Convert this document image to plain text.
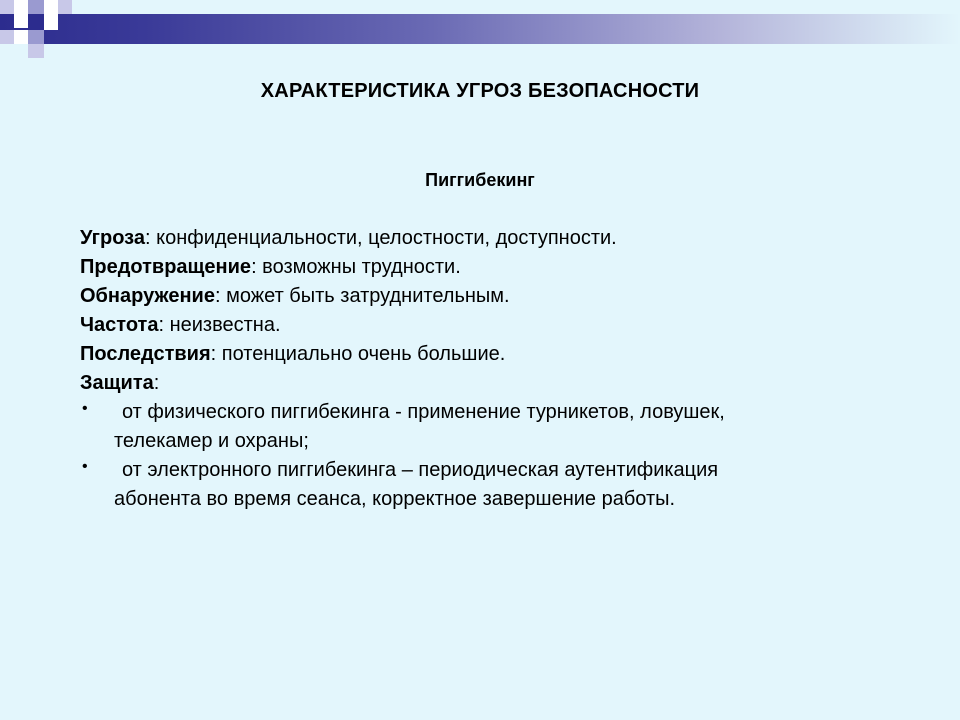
ХАРАКТЕРИСТИКА УГРОЗ БЕЗОПАСНОСТИ
Пиггибекинг
Угроза: конфиденциальности, целостности, доступности.
Предотвращение: возможны трудности.
Обнаружение: может быть затруднительным.
Частота: неизвестна.
Последствия: потенциально очень большие.
Защита:
•	от физического пиггибекинга - применение турникетов, ловушек,
телекамер и охраны;
•	от электронного пиггибекинга – периодическая аутентификация
абонента во время сеанса, корректное завершение работы.
